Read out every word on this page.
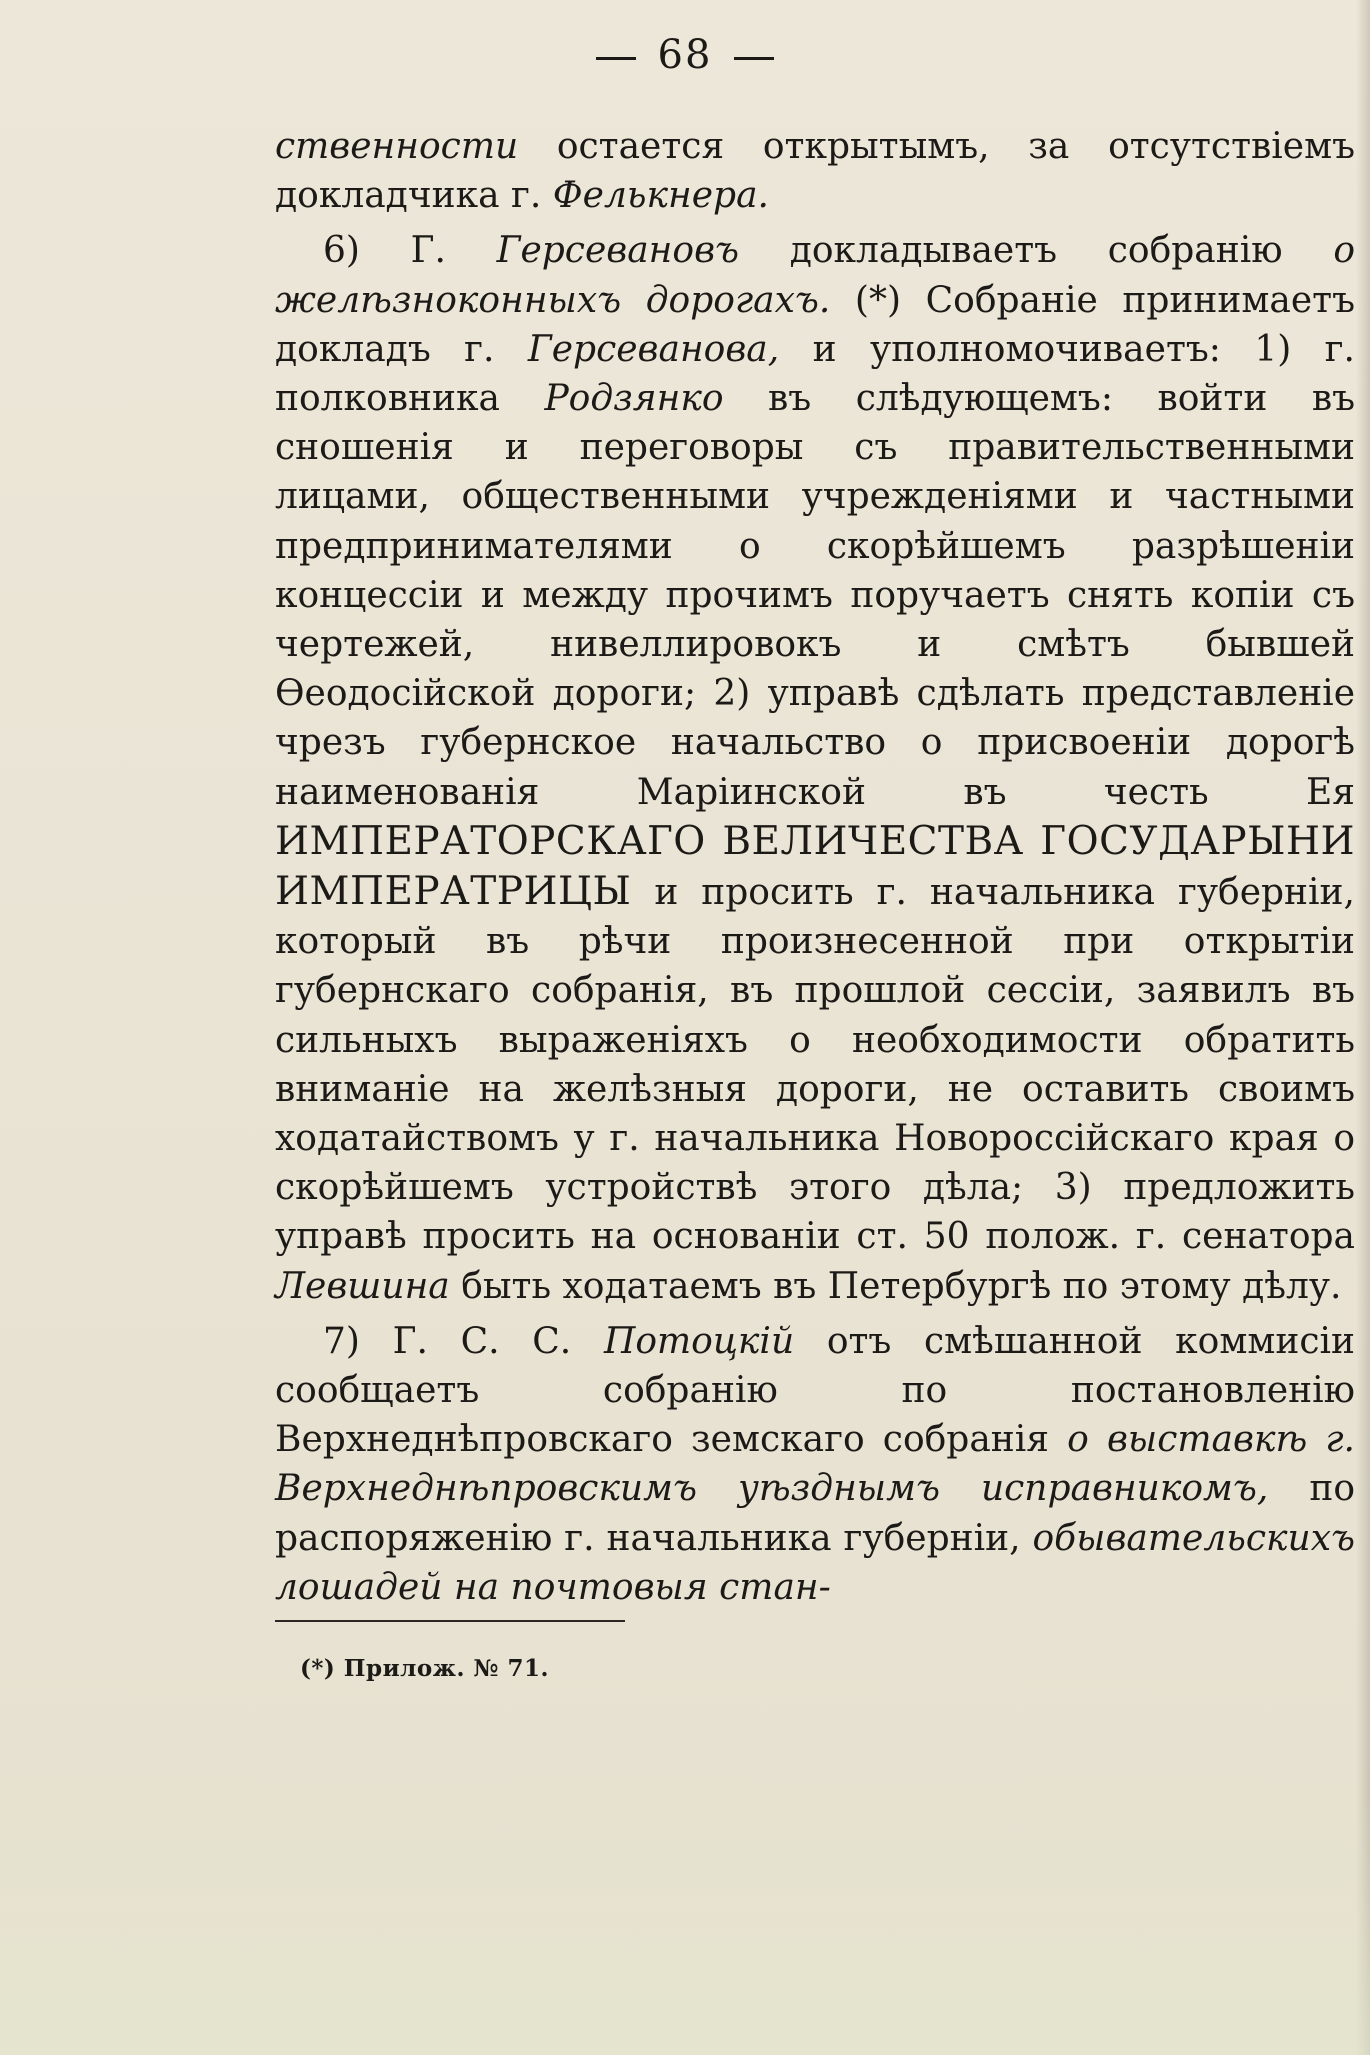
68

ственности остается открытымъ, за отсутствіемъ докладчика г. Фелькнера.

6) Г. Герсевановъ докладываетъ собранію о желѣзноконныхъ дорогахъ. (*) Собраніе принимаетъ докладъ г. Герсеванова, и уполномочиваетъ: 1) г. полковника Родзянко въ слѣдующемъ: войти въ сношенія и переговоры съ правительственными лицами, общественными учрежденіями и частными предпринимателями о скорѣйшемъ разрѣшеніи концессіи и между прочимъ поручаетъ снять копіи съ чертежей, нивеллировокъ и смѣтъ бывшей Өеодосійской дороги; 2) управѣ сдѣлать представленіе чрезъ губернское начальство о присвоеніи дорогѣ наименованія Маріинской въ честь Ея ИМПЕРАТОРСКАГО ВЕЛИЧЕСТВА ГОСУДАРЫНИ ИМПЕРАТРИЦЫ и просить г. начальника губерніи, который въ рѣчи произнесенной при открытіи губернскаго собранія, въ прошлой сессіи, заявилъ въ сильныхъ выраженіяхъ о необходимости обратить вниманіе на желѣзныя дороги, не оставить своимъ ходатайствомъ у г. начальника Новороссійскаго края о скорѣйшемъ устройствѣ этого дѣла; 3) предложить управѣ просить на основаніи ст. 50 полож. г. сенатора Левшина быть ходатаемъ въ Петербургѣ по этому дѣлу.

7) Г. С. С. Потоцкій отъ смѣшанной коммисіи сообщаетъ собранію по постановленію Верхнеднѣпровскаго земскаго собранія о выставкѣ г. Верхнеднѣпровскимъ уѣзднымъ исправникомъ, по распоряженію г. начальника губерніи, обывательскихъ лошадей на почтовыя стан-

(*) Прилож. № 71.
